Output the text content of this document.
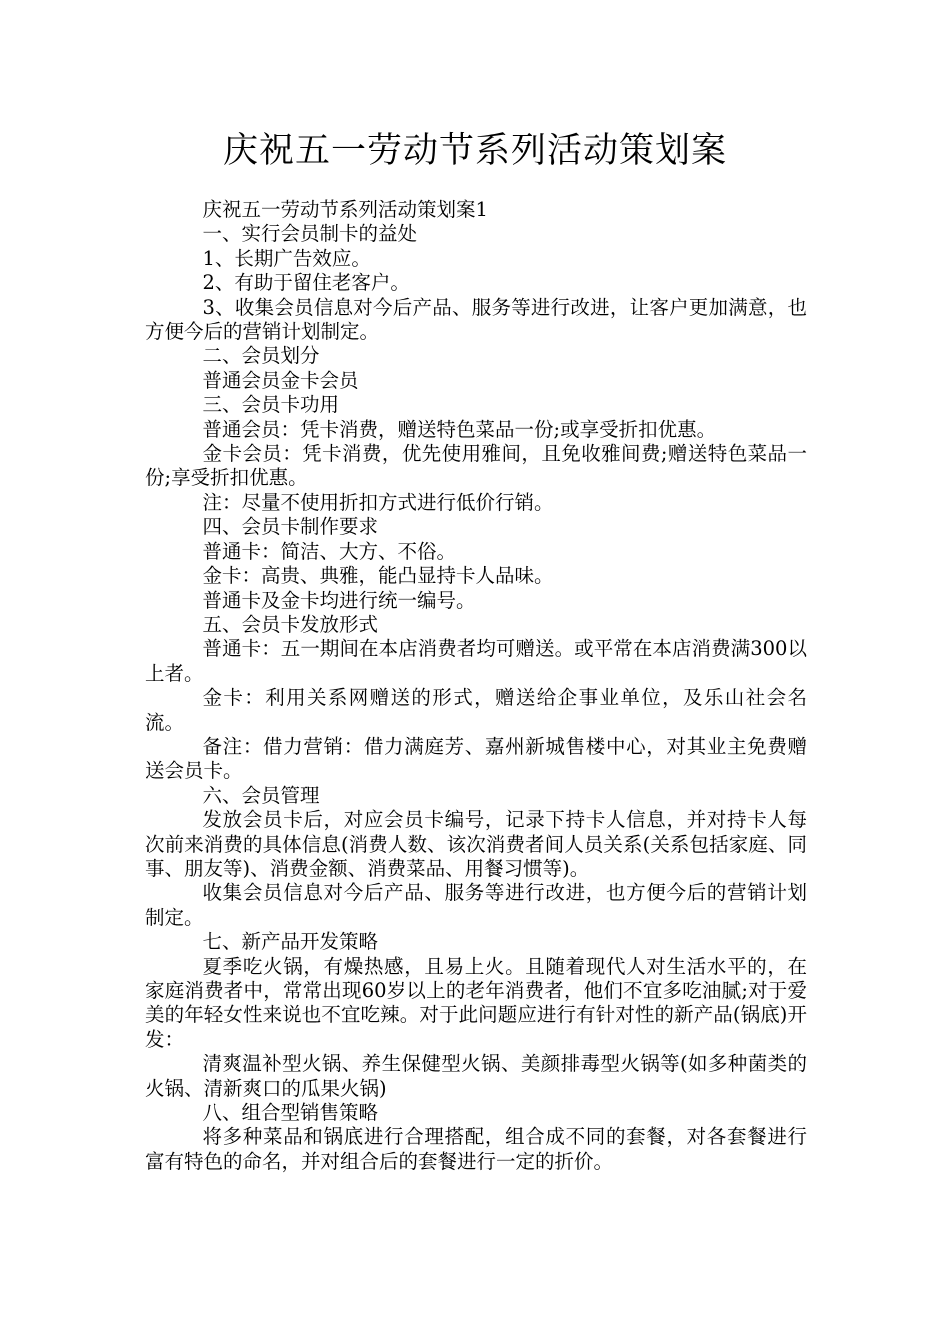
庆祝五一劳动节系列活动策划案

庆祝五一劳动节系列活动策划案1

一、实行会员制卡的益处

1、长期广告效应。

2、有助于留住老客户。

3、收集会员信息对今后产品、服务等进行改进，让客户更加满意，也方便今后的营销计划制定。

二、会员划分

普通会员金卡会员

三、会员卡功用

普通会员：凭卡消费，赠送特色菜品一份;或享受折扣优惠。

金卡会员：凭卡消费，优先使用雅间，且免收雅间费;赠送特色菜品一份;享受折扣优惠。

注：尽量不使用折扣方式进行低价行销。

四、会员卡制作要求

普通卡：简洁、大方、不俗。

金卡：高贵、典雅，能凸显持卡人品味。

普通卡及金卡均进行统一编号。

五、会员卡发放形式

普通卡：五一期间在本店消费者均可赠送。或平常在本店消费满300以上者。

金卡：利用关系网赠送的形式，赠送给企事业单位，及乐山社会名流。

备注：借力营销：借力满庭芳、嘉州新城售楼中心，对其业主免费赠送会员卡。

六、会员管理

发放会员卡后，对应会员卡编号，记录下持卡人信息，并对持卡人每次前来消费的具体信息(消费人数、该次消费者间人员关系(关系包括家庭、同事、朋友等)、消费金额、消费菜品、用餐习惯等)。

收集会员信息对今后产品、服务等进行改进，也方便今后的营销计划制定。

七、新产品开发策略

夏季吃火锅，有燥热感，且易上火。且随着现代人对生活水平的，在家庭消费者中，常常出现60岁以上的老年消费者，他们不宜多吃油腻;对于爱美的年轻女性来说也不宜吃辣。对于此问题应进行有针对性的新产品(锅底)开发：

清爽温补型火锅、养生保健型火锅、美颜排毒型火锅等(如多种菌类的火锅、清新爽口的瓜果火锅)

八、组合型销售策略

将多种菜品和锅底进行合理搭配，组合成不同的套餐，对各套餐进行富有特色的命名，并对组合后的套餐进行一定的折价。
